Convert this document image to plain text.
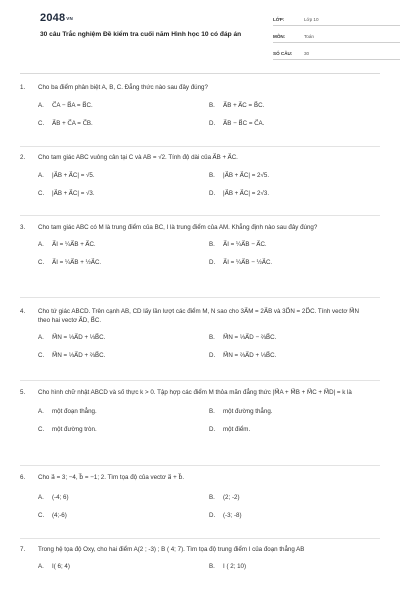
$2048^{VN}$
30 câu Trắc nghiệm Đề kiểm tra cuối năm Hình học 10 có đáp án
LỚP:	Lớp 10
MÔN:	Toán
SỐ CÂU:	30
1.	Cho ba điểm phân biệt A, B, C. Đẳng thức nào sau đây đúng?
A.	C⃗A − B⃗A = B⃗C.	B.	A⃗B + A⃗C = B⃗C.
C.	A⃗B + C⃗A = C⃗B.	D.	A⃗B − B⃗C = C⃗A.
2.	Cho tam giác ABC vuông cân tại C và AB = √2. Tính độ dài của A⃗B + A⃗C.
A.	|A⃗B + A⃗C| = √5.	B.	|A⃗B + A⃗C| = 2√5.
C.	|A⃗B + A⃗C| = √3.	D.	|A⃗B + A⃗C| = 2√3.
3.	Cho tam giác ABC có M là trung điểm của BC, I là trung điểm của AM. Khẳng định nào sau đây đúng?
A.	A⃗I = ¼A⃗B + A⃗C.	B.	A⃗I = ¼A⃗B − A⃗C.
C.	A⃗I = ¼A⃗B + ½A⃗C.	D.	A⃗I = ¼A⃗B − ½A⃗C.
4.	Cho tứ giác ABCD. Trên cạnh AB, CD lấy lần lượt các điểm M, N sao cho 3A⃗M = 2A⃗B và 3D⃗N = 2D⃗C. Tính vectơ M⃗N theo hai vectơ A⃗D, B⃗C.
A.	M⃗N = ⅓A⃗D + ⅓B⃗C.	B.	M⃗N = ⅓A⃗D − ⅔B⃗C.
C.	M⃗N = ⅓A⃗D + ⅔B⃗C.	D.	M⃗N = ⅔A⃗D + ⅓B⃗C.
5.	Cho hình chữ nhật ABCD và số thực k > 0. Tập hợp các điểm M thỏa mãn đẳng thức |M⃗A + M⃗B + M⃗C + M⃗D| = k là
A.	một đoạn thẳng.	B.	một đường thẳng.
C.	một đường tròn.	D.	một điểm.
6.	Cho a⃗ = 3; −4, b⃗ = −1; 2. Tìm tọa độ của vectơ a⃗ + b⃗.
A.	(-4; 6)	B.	(2; -2)
C.	(4;-6)	D.	(-3; -8)
7.	Trong hệ tọa độ Oxy, cho hai điểm A(2 ; -3) ; B ( 4; 7). Tìm tọa độ trung điểm I của đoạn thẳng AB
A.	I( 6; 4)	B.	I ( 2; 10)
